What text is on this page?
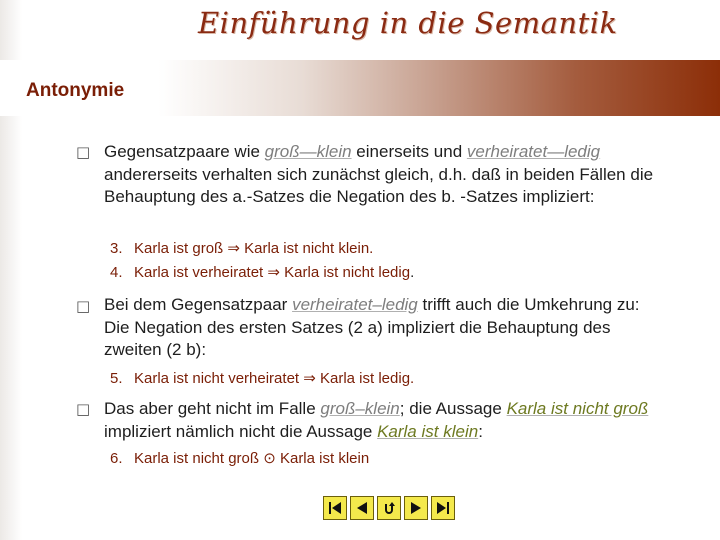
Einführung in die Semantik
Antonymie
□ Gegensatzpaare wie groß—klein einerseits und verheiratet—ledig andererseits verhalten sich zunächst gleich, d.h. daß in beiden Fällen die Behauptung des a.-Satzes die Negation des b. -Satzes impliziert:
3. Karla ist groß ⇒ Karla ist nicht klein.
4. Karla ist verheiratet ⇒ Karla ist nicht ledig.
□ Bei dem Gegensatzpaar verheiratet–ledig trifft auch die Umkehrung zu: Die Negation des ersten Satzes (2 a) impliziert die Behauptung des zweiten (2 b):
5. Karla ist nicht verheiratet ⇒ Karla ist ledig.
□ Das aber geht nicht im Falle groß–klein; die Aussage Karla ist nicht groß impliziert nämlich nicht die Aussage Karla ist klein:
6. Karla ist nicht groß ⊙ Karla ist klein
